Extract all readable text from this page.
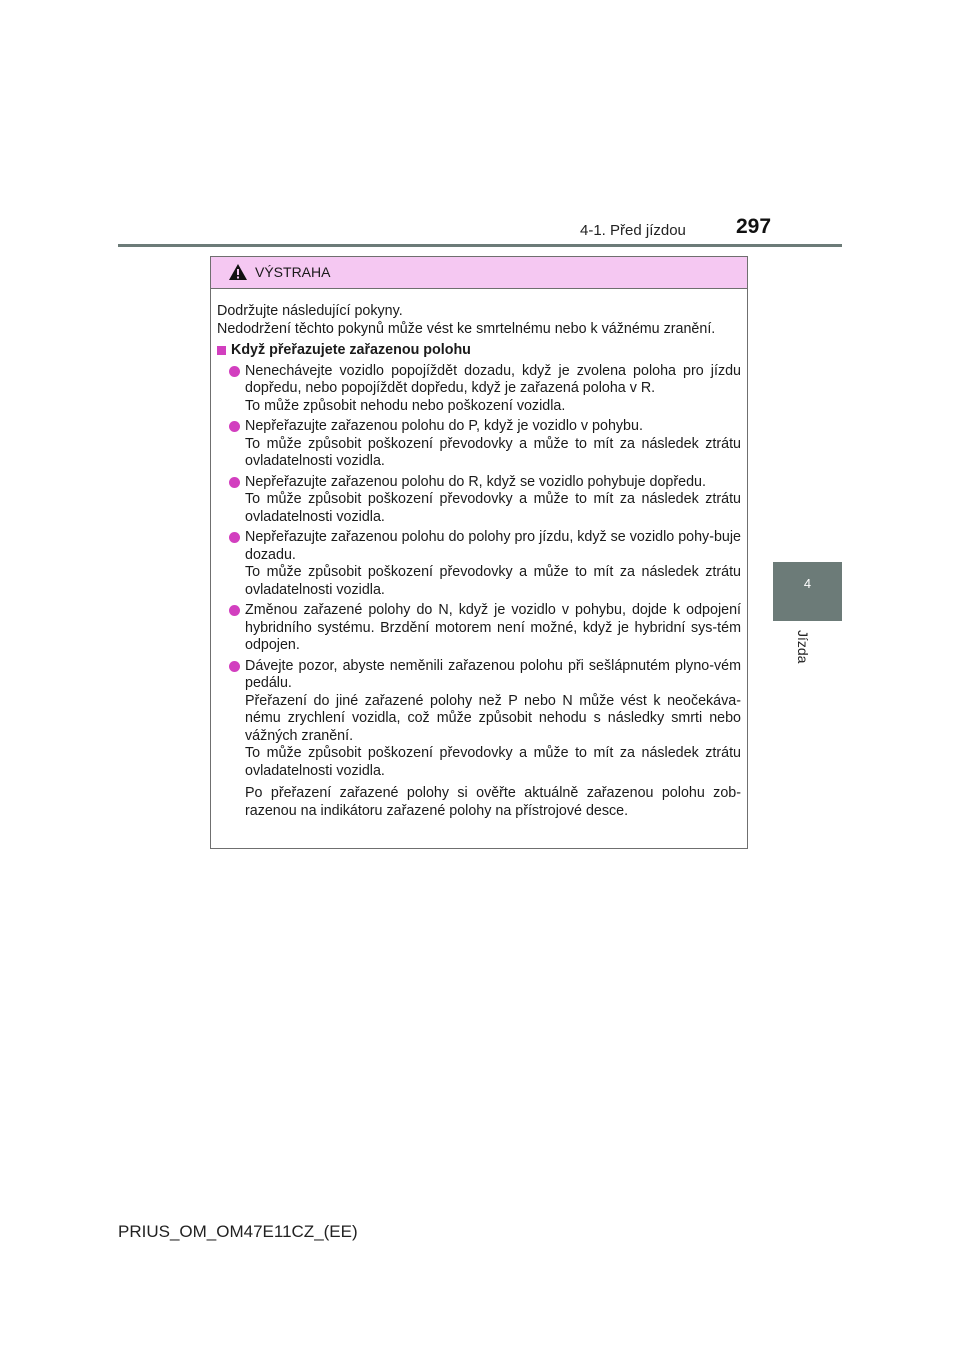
4-1. Před jízdou 297
4
Jízda
VÝSTRAHA

Dodržujte následující pokyny.

Nedodržení těchto pokynů může vést ke smrtelnému nebo k vážnému zranění.

Když přeřazujete zařazenou polohu

Nenechávejte vozidlo popojíždět dozadu, když je zvolena poloha pro jízdu dopředu, nebo popojíždět dopředu, když je zařazená poloha v R.

To může způsobit nehodu nebo poškození vozidla.

Nepřeřazujte zařazenou polohu do P, když je vozidlo v pohybu.

To může způsobit poškození převodovky a může to mít za následek ztrátu ovladatelnosti vozidla.

Nepřeřazujte zařazenou polohu do R, když se vozidlo pohybuje dopředu.

To může způsobit poškození převodovky a může to mít za následek ztrátu ovladatelnosti vozidla.

Nepřeřazujte zařazenou polohu do polohy pro jízdu, když se vozidlo pohy-buje dozadu.

To může způsobit poškození převodovky a může to mít za následek ztrátu ovladatelnosti vozidla.

Změnou zařazené polohy do N, když je vozidlo v pohybu, dojde k odpojení hybridního systému. Brzdění motorem není možné, když je hybridní sys-tém odpojen.

Dávejte pozor, abyste neměnili zařazenou polohu při sešlápnutém plyno-vém pedálu.

Přeřazení do jiné zařazené polohy než P nebo N může vést k neočekáva-nému zrychlení vozidla, což může způsobit nehodu s následky smrti nebo vážných zranění.

To může způsobit poškození převodovky a může to mít za následek ztrátu ovladatelnosti vozidla.

Po přeřazení zařazené polohy si ověřte aktuálně zařazenou polohu zob-razenou na indikátoru zařazené polohy na přístrojové desce.

PRIUS_OM_OM47E11CZ_(EE)
